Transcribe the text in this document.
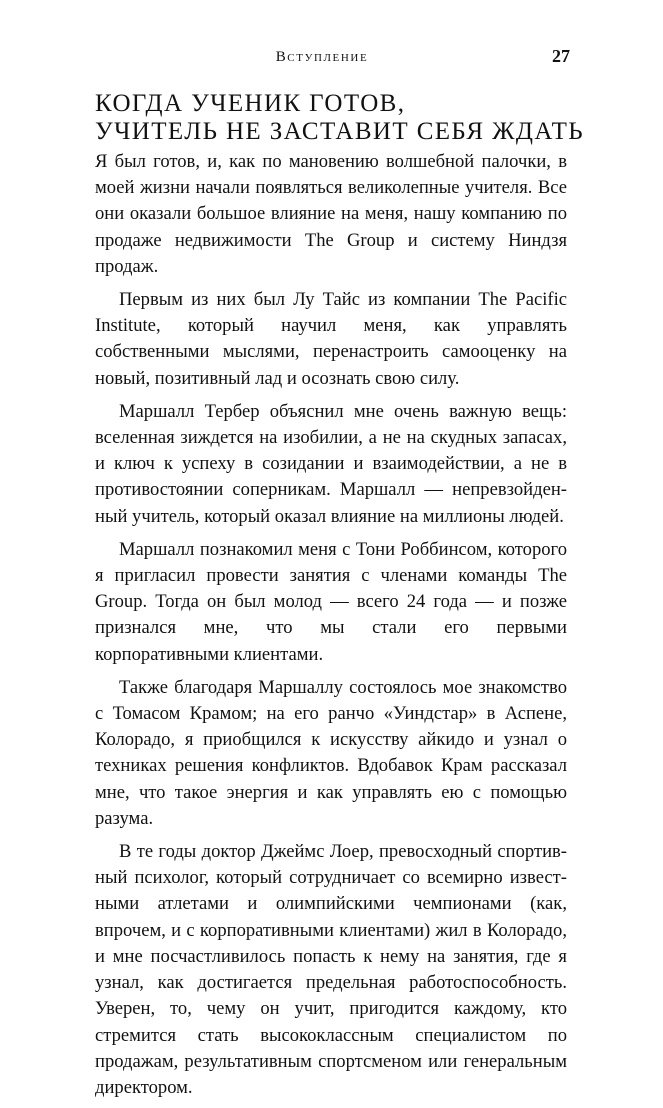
Вступление	27
КОГДА УЧЕНИК ГОТОВ,
УЧИТЕЛЬ НЕ ЗАСТАВИТ СЕБЯ ЖДАТЬ

Я был готов, и, как по мановению волшебной палочки, в моей жизни начали появляться великолепные учителя. Все они оказали большое влияние на меня, нашу компанию по продаже недвижимости The Group и систему Ниндзя продаж.

Первым из них был Лу Тайс из компании The Pacific Institute, который научил меня, как управлять собственными мыслями, перенастроить самооценку на новый, позитивный лад и осознать свою силу.

Маршалл Тербер объяснил мне очень важную вещь: вселенная зиждется на изобилии, а не на скудных запасах, и ключ к успеху в созидании и взаимодействии, а не в противостоянии соперникам. Маршалл — непревзойденный учитель, который оказал влияние на миллионы людей.

Маршалл познакомил меня с Тони Роббинсом, которого я пригласил провести занятия с членами команды The Group. Тогда он был молод — всего 24 года — и позже признался мне, что мы стали его первыми корпоративными клиентами.

Также благодаря Маршаллу состоялось мое знакомство с Томасом Крамом; на его ранчо «Уиндстар» в Аспене, Колорадо, я приобщился к искусству айкидо и узнал о техниках решения конфликтов. Вдобавок Крам рассказал мне, что такое энергия и как управлять ею с помощью разума.

В те годы доктор Джеймс Лоер, превосходный спортивный психолог, который сотрудничает со всемирно известными атлетами и олимпийскими чемпионами (как, впрочем, и с корпоративными клиентами) жил в Колорадо, и мне посчастливилось попасть к нему на занятия, где я узнал, как достигается предельная работоспособность. Уверен, то, чему он учит, пригодится каждому, кто стремится стать высококлассным специалистом по продажам, результативным спортсменом или генеральным директором.
